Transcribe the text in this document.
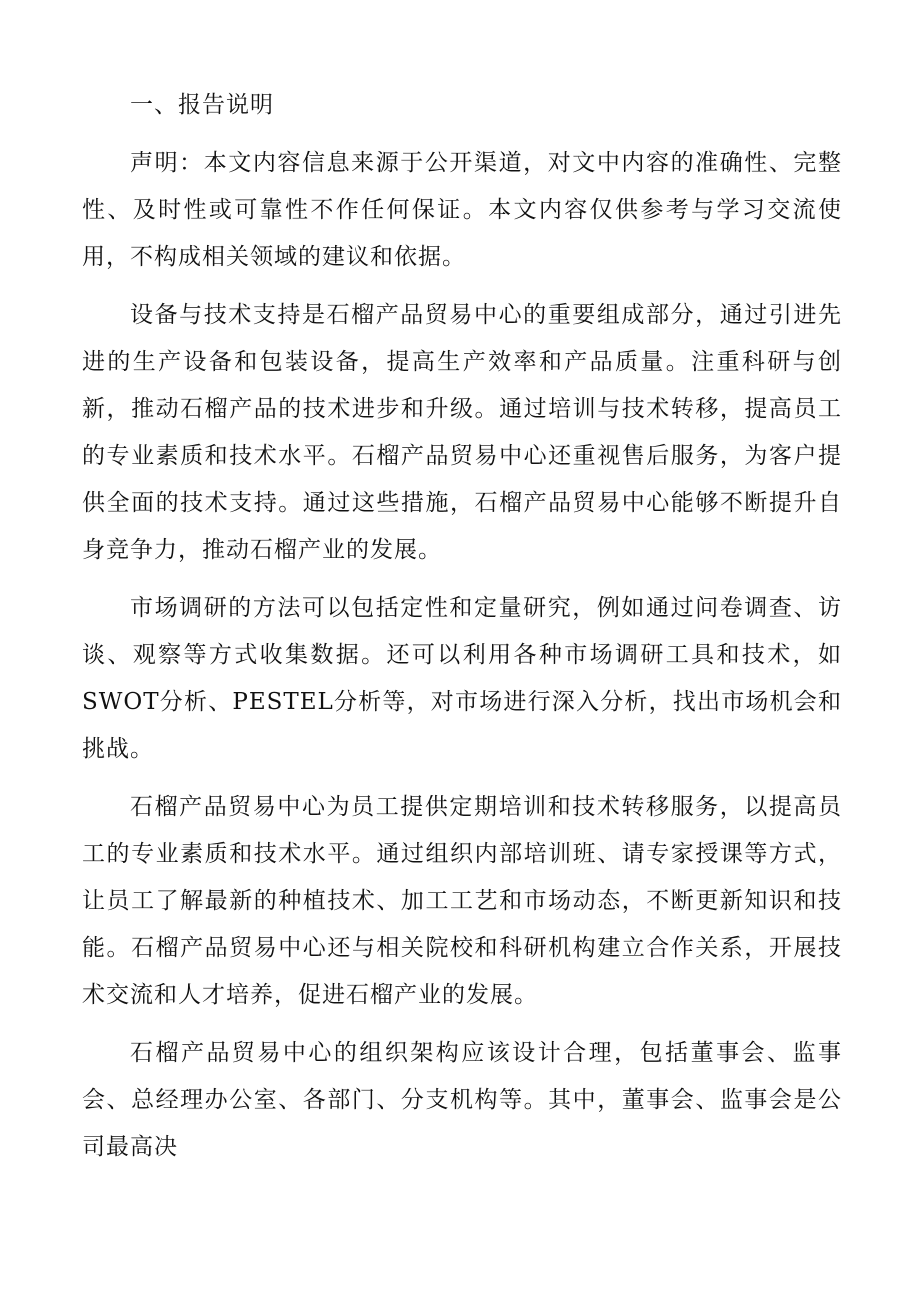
一、报告说明

声明：本文内容信息来源于公开渠道，对文中内容的准确性、完整性、及时性或可靠性不作任何保证。本文内容仅供参考与学习交流使用，不构成相关领域的建议和依据。

设备与技术支持是石榴产品贸易中心的重要组成部分，通过引进先进的生产设备和包装设备，提高生产效率和产品质量。注重科研与创新，推动石榴产品的技术进步和升级。通过培训与技术转移，提高员工的专业素质和技术水平。石榴产品贸易中心还重视售后服务，为客户提供全面的技术支持。通过这些措施，石榴产品贸易中心能够不断提升自身竞争力，推动石榴产业的发展。

市场调研的方法可以包括定性和定量研究，例如通过问卷调查、访谈、观察等方式收集数据。还可以利用各种市场调研工具和技术，如SWOT分析、PESTEL分析等，对市场进行深入分析，找出市场机会和挑战。

石榴产品贸易中心为员工提供定期培训和技术转移服务，以提高员工的专业素质和技术水平。通过组织内部培训班、请专家授课等方式，让员工了解最新的种植技术、加工工艺和市场动态，不断更新知识和技能。石榴产品贸易中心还与相关院校和科研机构建立合作关系，开展技术交流和人才培养，促进石榴产业的发展。

石榴产品贸易中心的组织架构应该设计合理，包括董事会、监事会、总经理办公室、各部门、分支机构等。其中，董事会、监事会是公司最高决
